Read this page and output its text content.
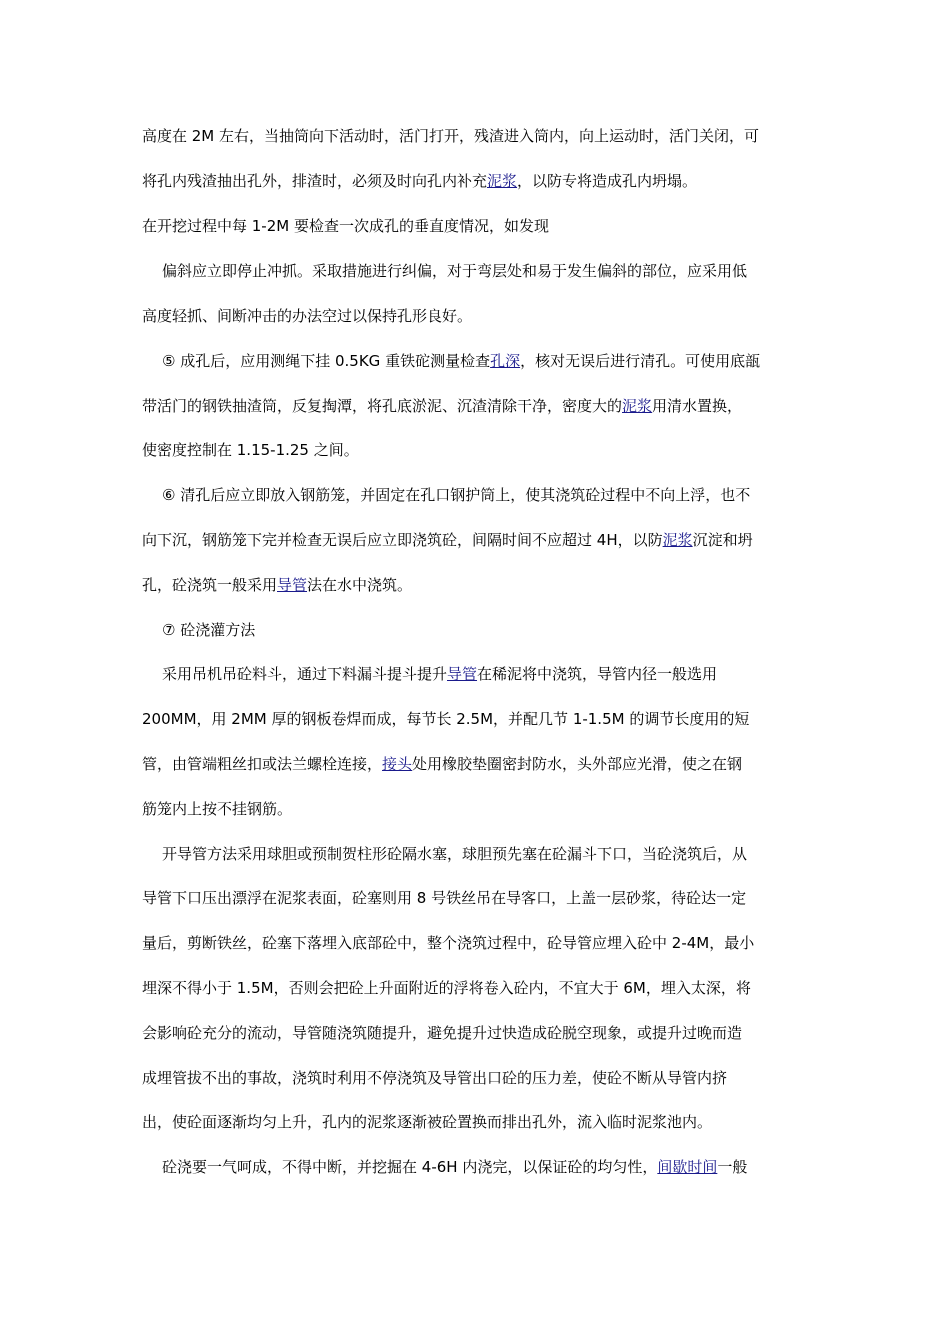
高度在 2M 左右，当抽筒向下活动时，活门打开，残渣进入筒内，向上运动时，活门关闭，可

将孔内残渣抽出孔外，排渣时，必须及时向孔内补充泥浆，以防专将造成孔内坍塌。

在开挖过程中每 1-2M 要检查一次成孔的垂直度情况，如发现

偏斜应立即停止冲抓。采取措施进行纠偏，对于弯层处和易于发生偏斜的部位，应采用低

高度轻抓、间断冲击的办法空过以保持孔形良好。

⑤ 成孔后，应用测绳下挂 0.5KG 重铁砣测量检查孔深，核对无误后进行清孔。可使用底瓿

带活门的钢铁抽渣筒，反复掏潭，将孔底淤泥、沉渣清除干净，密度大的泥浆用清水置换，

使密度控制在 1.15-1.25 之间。

⑥ 清孔后应立即放入钢筋笼，并固定在孔口钢护筒上，使其浇筑砼过程中不向上浮，也不

向下沉，钢筋笼下完并检查无误后应立即浇筑砼，间隔时间不应超过 4H，以防泥浆沉淀和坍

孔，砼浇筑一般采用导管法在水中浇筑。

⑦ 砼浇灌方法

采用吊机吊砼料斗，通过下料漏斗提斗提升导管在稀泥将中浇筑，导管内径一般选用

200MM，用 2MM 厚的钢板卷焊而成，每节长 2.5M，并配几节 1-1.5M 的调节长度用的短

管，由管端粗丝扣或法兰螺栓连接，接头处用橡胶垫圈密封防水，头外部应光滑，使之在钢

筋笼内上按不挂钢筋。

开导管方法采用球胆或预制贺柱形砼隔水塞，球胆预先塞在砼漏斗下口，当砼浇筑后，从

导管下口压出漂浮在泥浆表面，砼塞则用 8 号铁丝吊在导客口，上盖一层砂浆，待砼达一定

量后，剪断铁丝，砼塞下落埋入底部砼中，整个浇筑过程中，砼导管应埋入砼中 2-4M，最小

埋深不得小于 1.5M，否则会把砼上升面附近的浮将卷入砼内，不宜大于 6M，埋入太深，将

会影响砼充分的流动，导管随浇筑随提升，避免提升过快造成砼脱空现象，或提升过晚而造

成埋管拔不出的事故，浇筑时利用不停浇筑及导管出口砼的压力差，使砼不断从导管内挤

出，使砼面逐渐均匀上升，孔内的泥浆逐渐被砼置换而排出孔外，流入临时泥浆池内。

砼浇要一气呵成，不得中断，并挖掘在 4-6H 内浇完，以保证砼的均匀性，间歇时间一般
